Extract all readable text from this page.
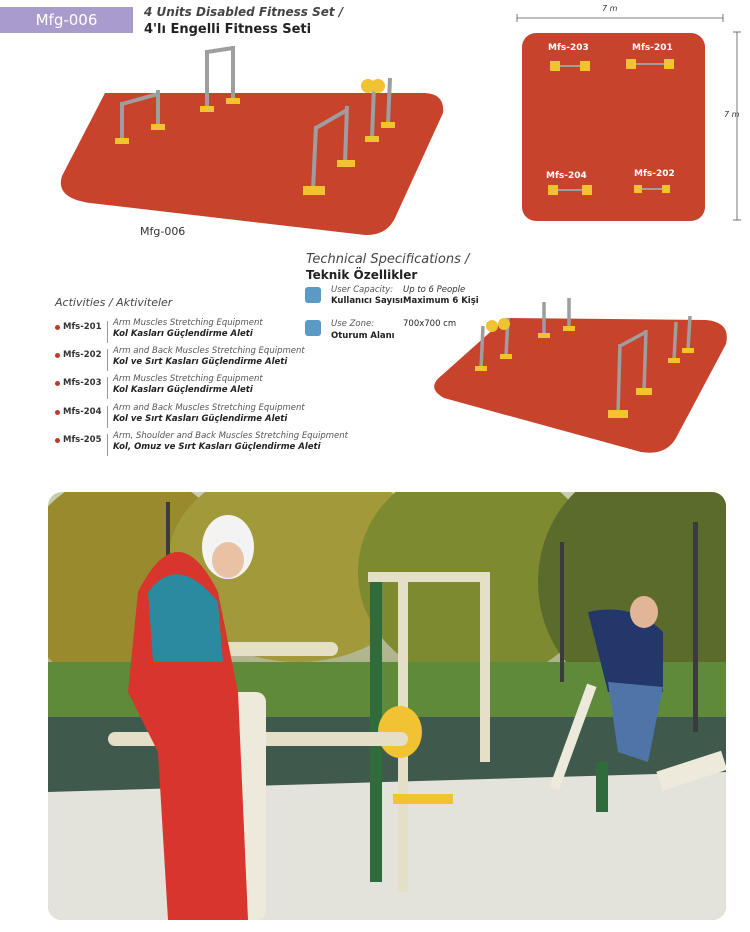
Mfg-006	4 Units Disabled Fitness Set /
4'lı Engelli Fitness Seti
Mfg-006
7 m
7 m
Mfs-203	Mfs-201
Mfs-204	Mfs-202
Technical Specifications /
Teknik Özellikler
User Capacity: Up to 6 People
Kullanıcı Sayısı:
Maximum 6 Kişi
Use Zone:	700x700 cm
Oturum Alanı
Activities / Aktiviteler
Mfs-201 Arm Muscles Stretching Equipment
Kol Kasları Güçlendirme Aleti
Mfs-202 Arm and Back Muscles Stretching Equipment
Kol ve Sırt Kasları Güçlendirme Aleti
Mfs-203 Arm Muscles Stretching Equipment
Kol Kasları Güçlendirme Aleti
Mfs-204 Arm and Back Muscles Stretching Equipment
Kol ve Sırt Kasları Güçlendirme Aleti
Mfs-205 Arm, Shoulder and Back Muscles Stretching Equipment
Kol, Omuz ve Sırt Kasları Güçlendirme Aleti
